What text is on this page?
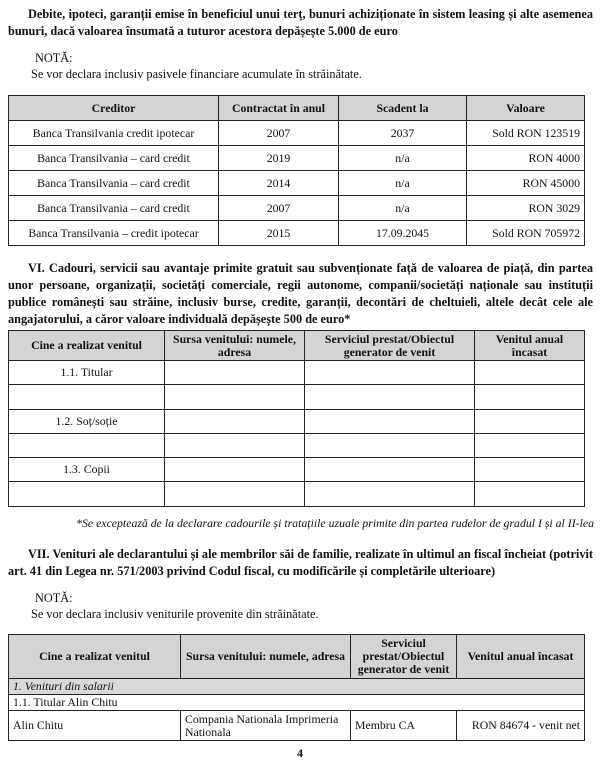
Debite, ipoteci, garanții emise în beneficiul unui terț, bunuri achiziționate în sistem leasing și alte asemenea bunuri, dacă valoarea însumată a tuturor acestora depășește 5.000 de euro
NOTĂ:
Se vor declara inclusiv pasivele financiare acumulate în străinătate.
Creditor	Contractat în anul	Scadent la	Valoare
Banca Transilvania credit ipotecar	2007	2037	Sold RON 123519
Banca Transilvania – card credit	2019	n/a	RON 4000
Banca Transilvania – card credit	2014	n/a	RON 45000
Banca Transilvania – card credit	2007	n/a	RON 3029
Banca Transilvania – credit ipotecar	2015	17.09.2045	Sold RON 705972
VI. Cadouri, servicii sau avantaje primite gratuit sau subvenționate față de valoarea de piață, din partea unor persoane, organizații, societăți comerciale, regii autonome, companii/societăți naționale sau instituții publice românești sau străine, inclusiv burse, credite, garanții, decontări de cheltuieli, altele decât cele ale angajatorului, a căror valoare individuală depășește 500 de euro*
Cine a realizat venitul	Sursa venitului: numele, adresa	Serviciul prestat/Obiectul generator de venit	Venitul anual încasat
1.1. Titular			

1.2. Soț/soție			

1.3. Copii			

*Se exceptează de la declarare cadourile și tratațiile uzuale primite din partea rudelor de gradul I și al II-lea
VII. Venituri ale declarantului și ale membrilor săi de familie, realizate în ultimul an fiscal încheiat (potrivit art. 41 din Legea nr. 571/2003 privind Codul fiscal, cu modificările și completările ulterioare)
NOTĂ:
Se vor declara inclusiv veniturile provenite din străinătate.
Cine a realizat venitul	Sursa venitului: numele, adresa	Serviciul prestat/Obiectul generator de venit	Venitul anual încasat
1. Venituri din salarii			
1.1. Titular Alin Chitu			
Alin Chitu	Compania Nationala Imprimeria Nationala	Membru CA	RON 84674 - venit net
4
